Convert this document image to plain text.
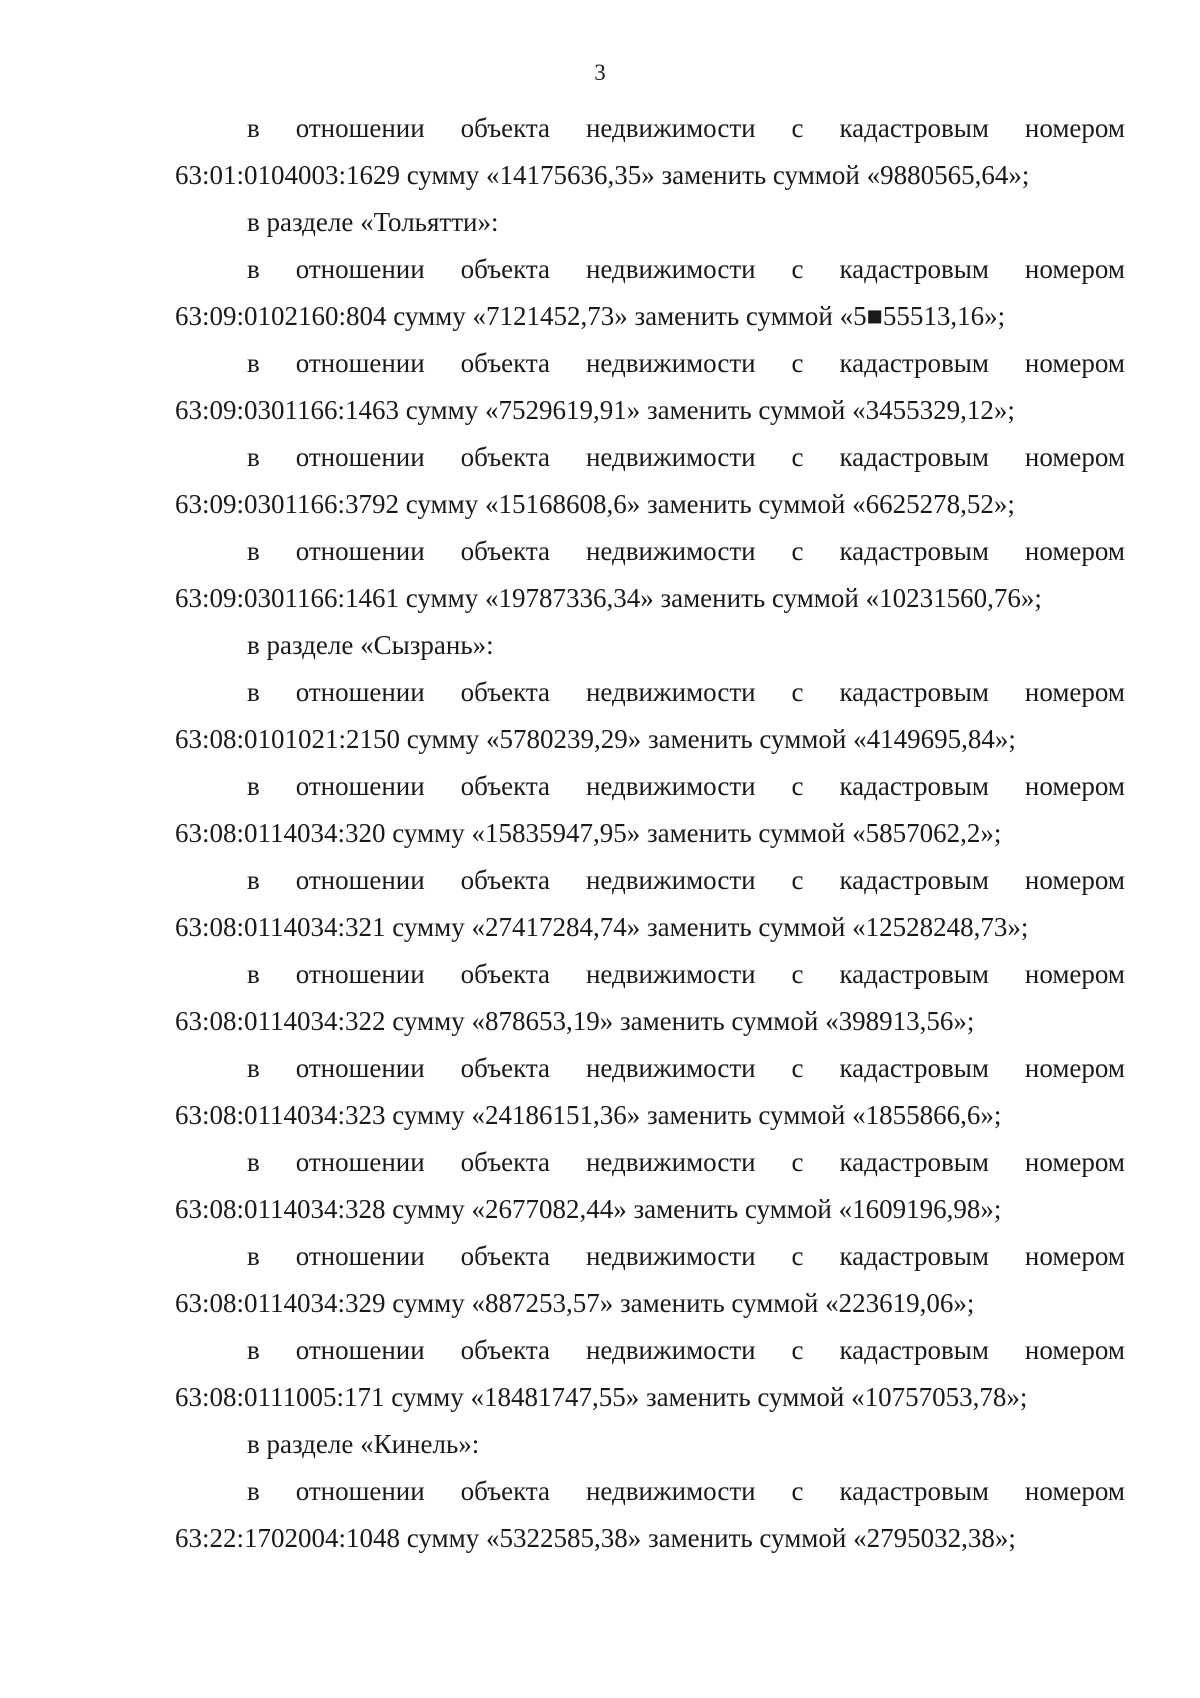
3
в отношении объекта недвижимости с кадастровым номером
63:01:0104003:1629 сумму «14175636,35» заменить суммой «9880565,64»;
в разделе «Тольятти»:
в отношении объекта недвижимости с кадастровым номером
63:09:0102160:804 сумму «7121452,73» заменить суммой «5■55513,16»;
в отношении объекта недвижимости с кадастровым номером
63:09:0301166:1463 сумму «7529619,91» заменить суммой «3455329,12»;
в отношении объекта недвижимости с кадастровым номером
63:09:0301166:3792 сумму «15168608,6» заменить суммой «6625278,52»;
в отношении объекта недвижимости с кадастровым номером
63:09:0301166:1461 сумму «19787336,34» заменить суммой «10231560,76»;
в разделе «Сызрань»:
в отношении объекта недвижимости с кадастровым номером
63:08:0101021:2150 сумму «5780239,29» заменить суммой «4149695,84»;
в отношении объекта недвижимости с кадастровым номером
63:08:0114034:320 сумму «15835947,95» заменить суммой «5857062,2»;
в отношении объекта недвижимости с кадастровым номером
63:08:0114034:321 сумму «27417284,74» заменить суммой «12528248,73»;
в отношении объекта недвижимости с кадастровым номером
63:08:0114034:322 сумму «878653,19» заменить суммой «398913,56»;
в отношении объекта недвижимости с кадастровым номером
63:08:0114034:323 сумму «24186151,36» заменить суммой «1855866,6»;
в отношении объекта недвижимости с кадастровым номером
63:08:0114034:328 сумму «2677082,44» заменить суммой «1609196,98»;
в отношении объекта недвижимости с кадастровым номером
63:08:0114034:329 сумму «887253,57» заменить суммой «223619,06»;
в отношении объекта недвижимости с кадастровым номером
63:08:0111005:171 сумму «18481747,55» заменить суммой «10757053,78»;
в разделе «Кинель»:
в отношении объекта недвижимости с кадастровым номером
63:22:1702004:1048 сумму «5322585,38» заменить суммой «2795032,38»;
